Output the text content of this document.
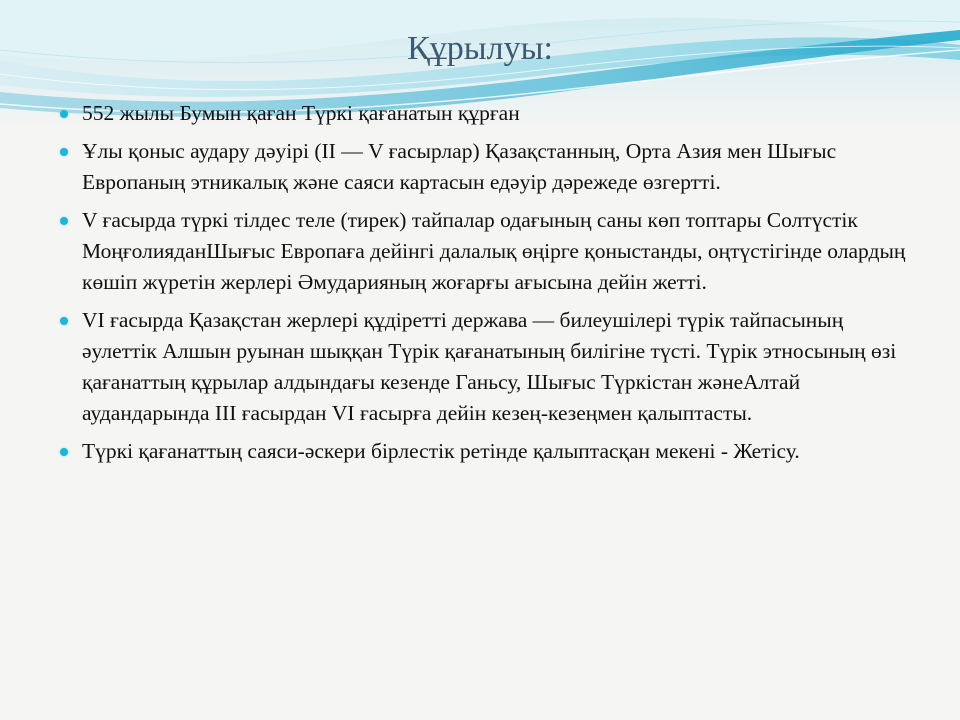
Құрылуы:
552 жылы Бумын қаған Түркі қағанатын құрған
Ұлы қоныс аудару дәуірі (ІІ — V ғасырлар) Қазақстанның, Орта Азия мен Шығыс Европаның этникалық және саяси картасын едәуір дәрежеде өзгертті.
V ғасырда түркі тілдес теле (тирек) тайпалар одағының саны көп топтары Солтүстік МоңғолияданШығыс Европаға дейінгі далалық өңірге қоныстанды, оңтүстігінде олардың көшіп жүретін жерлері Әмударияның жоғарғы ағысына дейін жетті.
VI ғасырда Қазақстан жерлері құдіретті держава — билеушілері түрік тайпасының әулеттік Алшын руынан шыққан Түрік қағанатының билігіне түсті. Түрік этносының өзі қағанаттың құрылар алдындағы кезенде Ганьсу, Шығыс Түркістан жәнеАлтай аудандарында ІІІ ғасырдан VI ғасырға дейін кезең-кезеңмен қалыптасты.
Түркі қағанаттың саяси-әскери бірлестік ретінде қалыптасқан мекені - Жетісу.
